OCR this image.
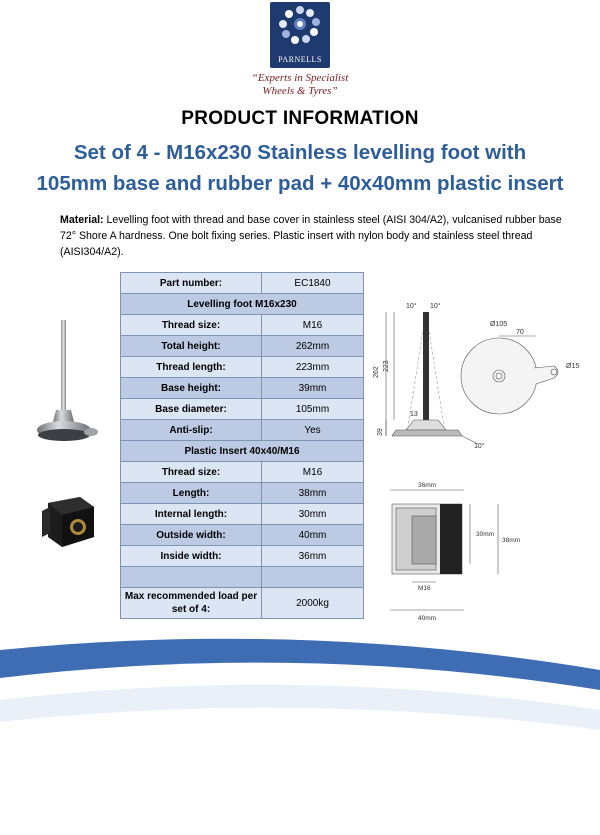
PARNELLS
“Experts in Specialist
Wheels & Tyres”
PRODUCT INFORMATION
Set of 4 - M16x230 Stainless levelling foot with
105mm base and rubber pad + 40x40mm plastic insert
Material: Levelling foot with thread and base cover in stainless steel (AISI 304/A2), vulcanised rubber base 72° Shore A hardness. One bolt fixing series. Plastic insert with nylon body and stainless steel thread (AISI304/A2).
Part number:	EC1840
Levelling foot M16x230	
Thread size:	M16
Total height:	262mm
Thread length:	223mm
Base height:	39mm
Base diameter:	105mm
Anti-slip:	Yes
Plastic Insert 40x40/M16	
Thread size:	M16
Length:	38mm
Internal length:	30mm
Outside width:	40mm
Inside width:	36mm

Max recommended load per set of 4:	2000kg
10° 10°
262
223
39
13
10°
Ø105
70
Ø15
36mm
30mm
38mm
M16
40mm
